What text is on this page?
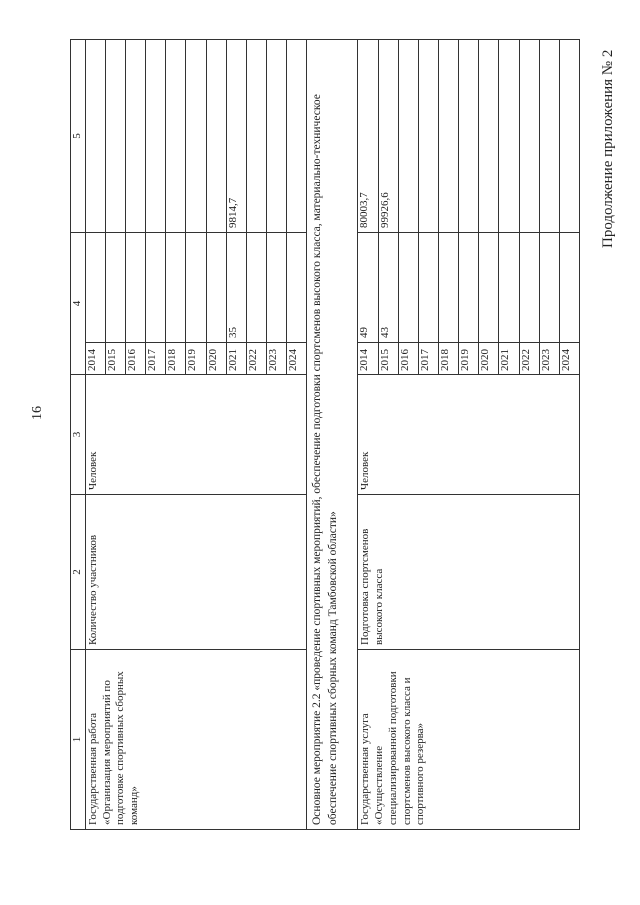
16
Продолжение приложения № 2
1	2	3	4		5
Государственная работа «Организация мероприятий по подготовке спортивных сборных команд»	Количество участников	Человек	2014		
			2015		
			2016		
			2017		
			2018		
			2019		
			2020		
			2021	35	9814,7
			2022		
			2023		
			2024		
Основное мероприятие 2.2 «проведение спортивных мероприятий, обеспечение подготовки спортсменов высокого класса, материально-техническое обеспечение спортивных сборных команд Тамбовской области»					
Государственная услуга «Осуществление специализированной подготовки спортсменов высокого класса и спортивного резерва»	Подготовка спортсменов высокого класса	Человек	2014	49	80003,7
			2015	43	99926,6
			2016		
			2017		
			2018		
			2019		
			2020		
			2021		
			2022		
			2023		
			2024		
